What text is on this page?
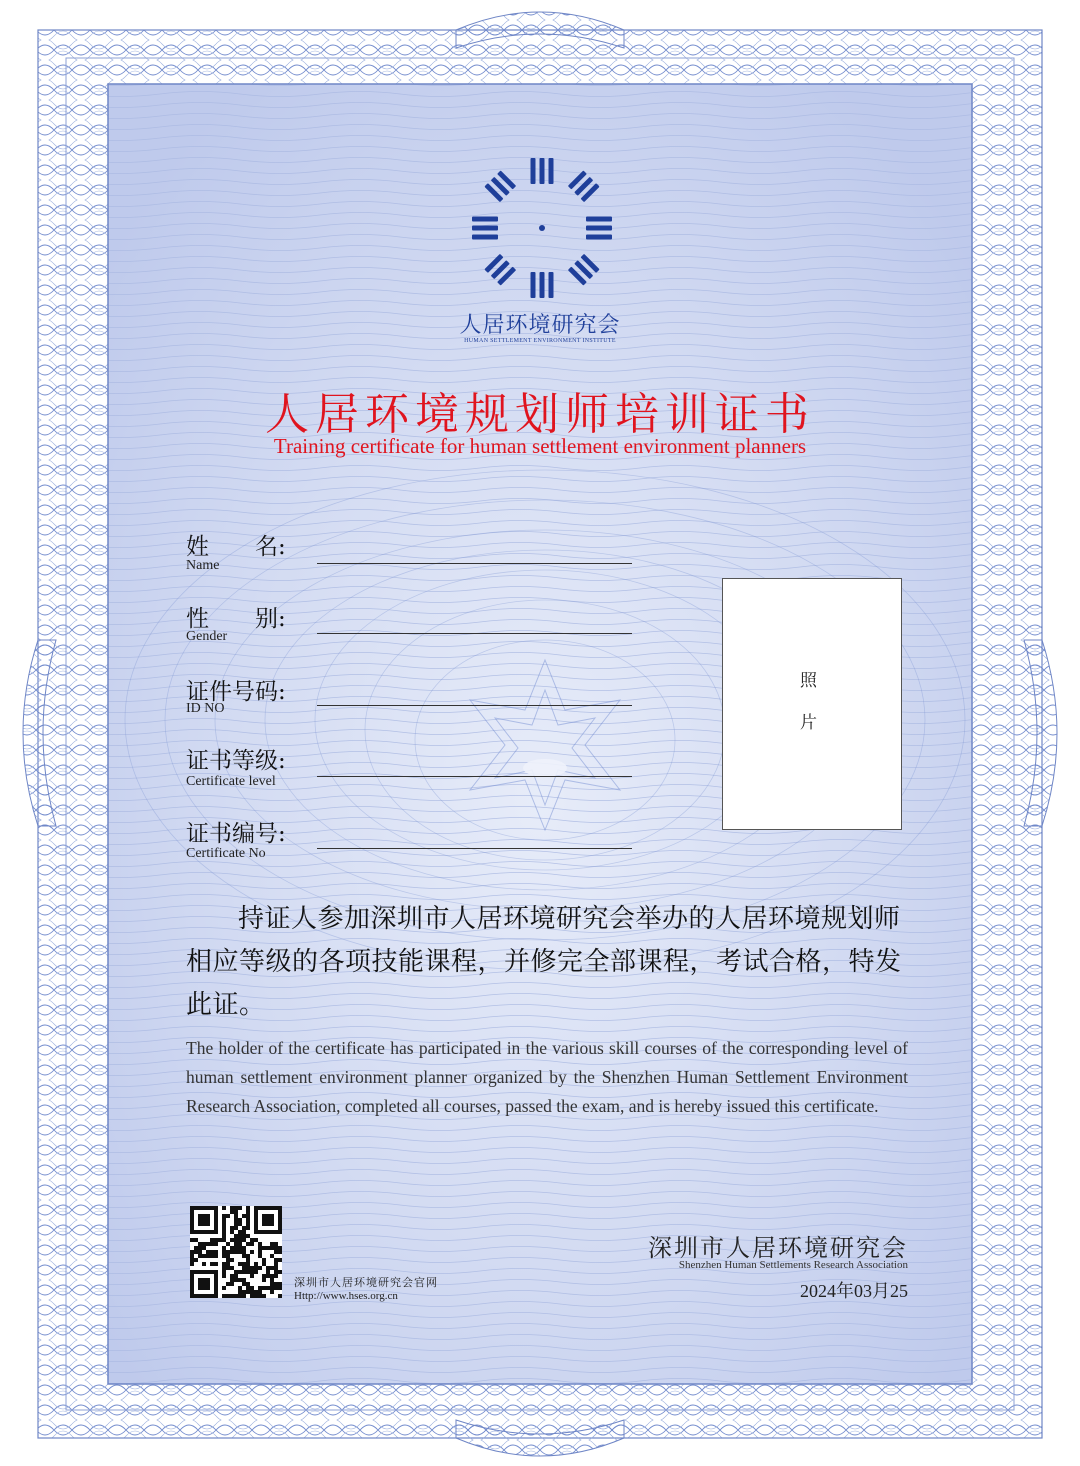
人居环境研究会
HUMAN SETTLEMENT ENVIRONMENT INSTITUTE
人居环境规划师培训证书
Training certificate for human settlement environment planners
姓　　名:
Name
性　　别:
Gender
证件号码:
ID NO
证书等级:
Certificate level
证书编号:
Certificate No
照
片
持证人参加深圳市人居环境研究会举办的人居环境规划师相应等级的各项技能课程，并修完全部课程，考试合格，特发此证。
The holder of the certificate has participated in the various skill courses of the corresponding level of human settlement environment planner organized by the Shenzhen Human Settlement Environment Research Association, completed all courses, passed the exam, and is hereby issued this certificate.
深圳市人居环境研究会官网
Http://www.hses.org.cn
深圳市人居环境研究会
Shenzhen Human Settlements Research Association
2024年03月25
